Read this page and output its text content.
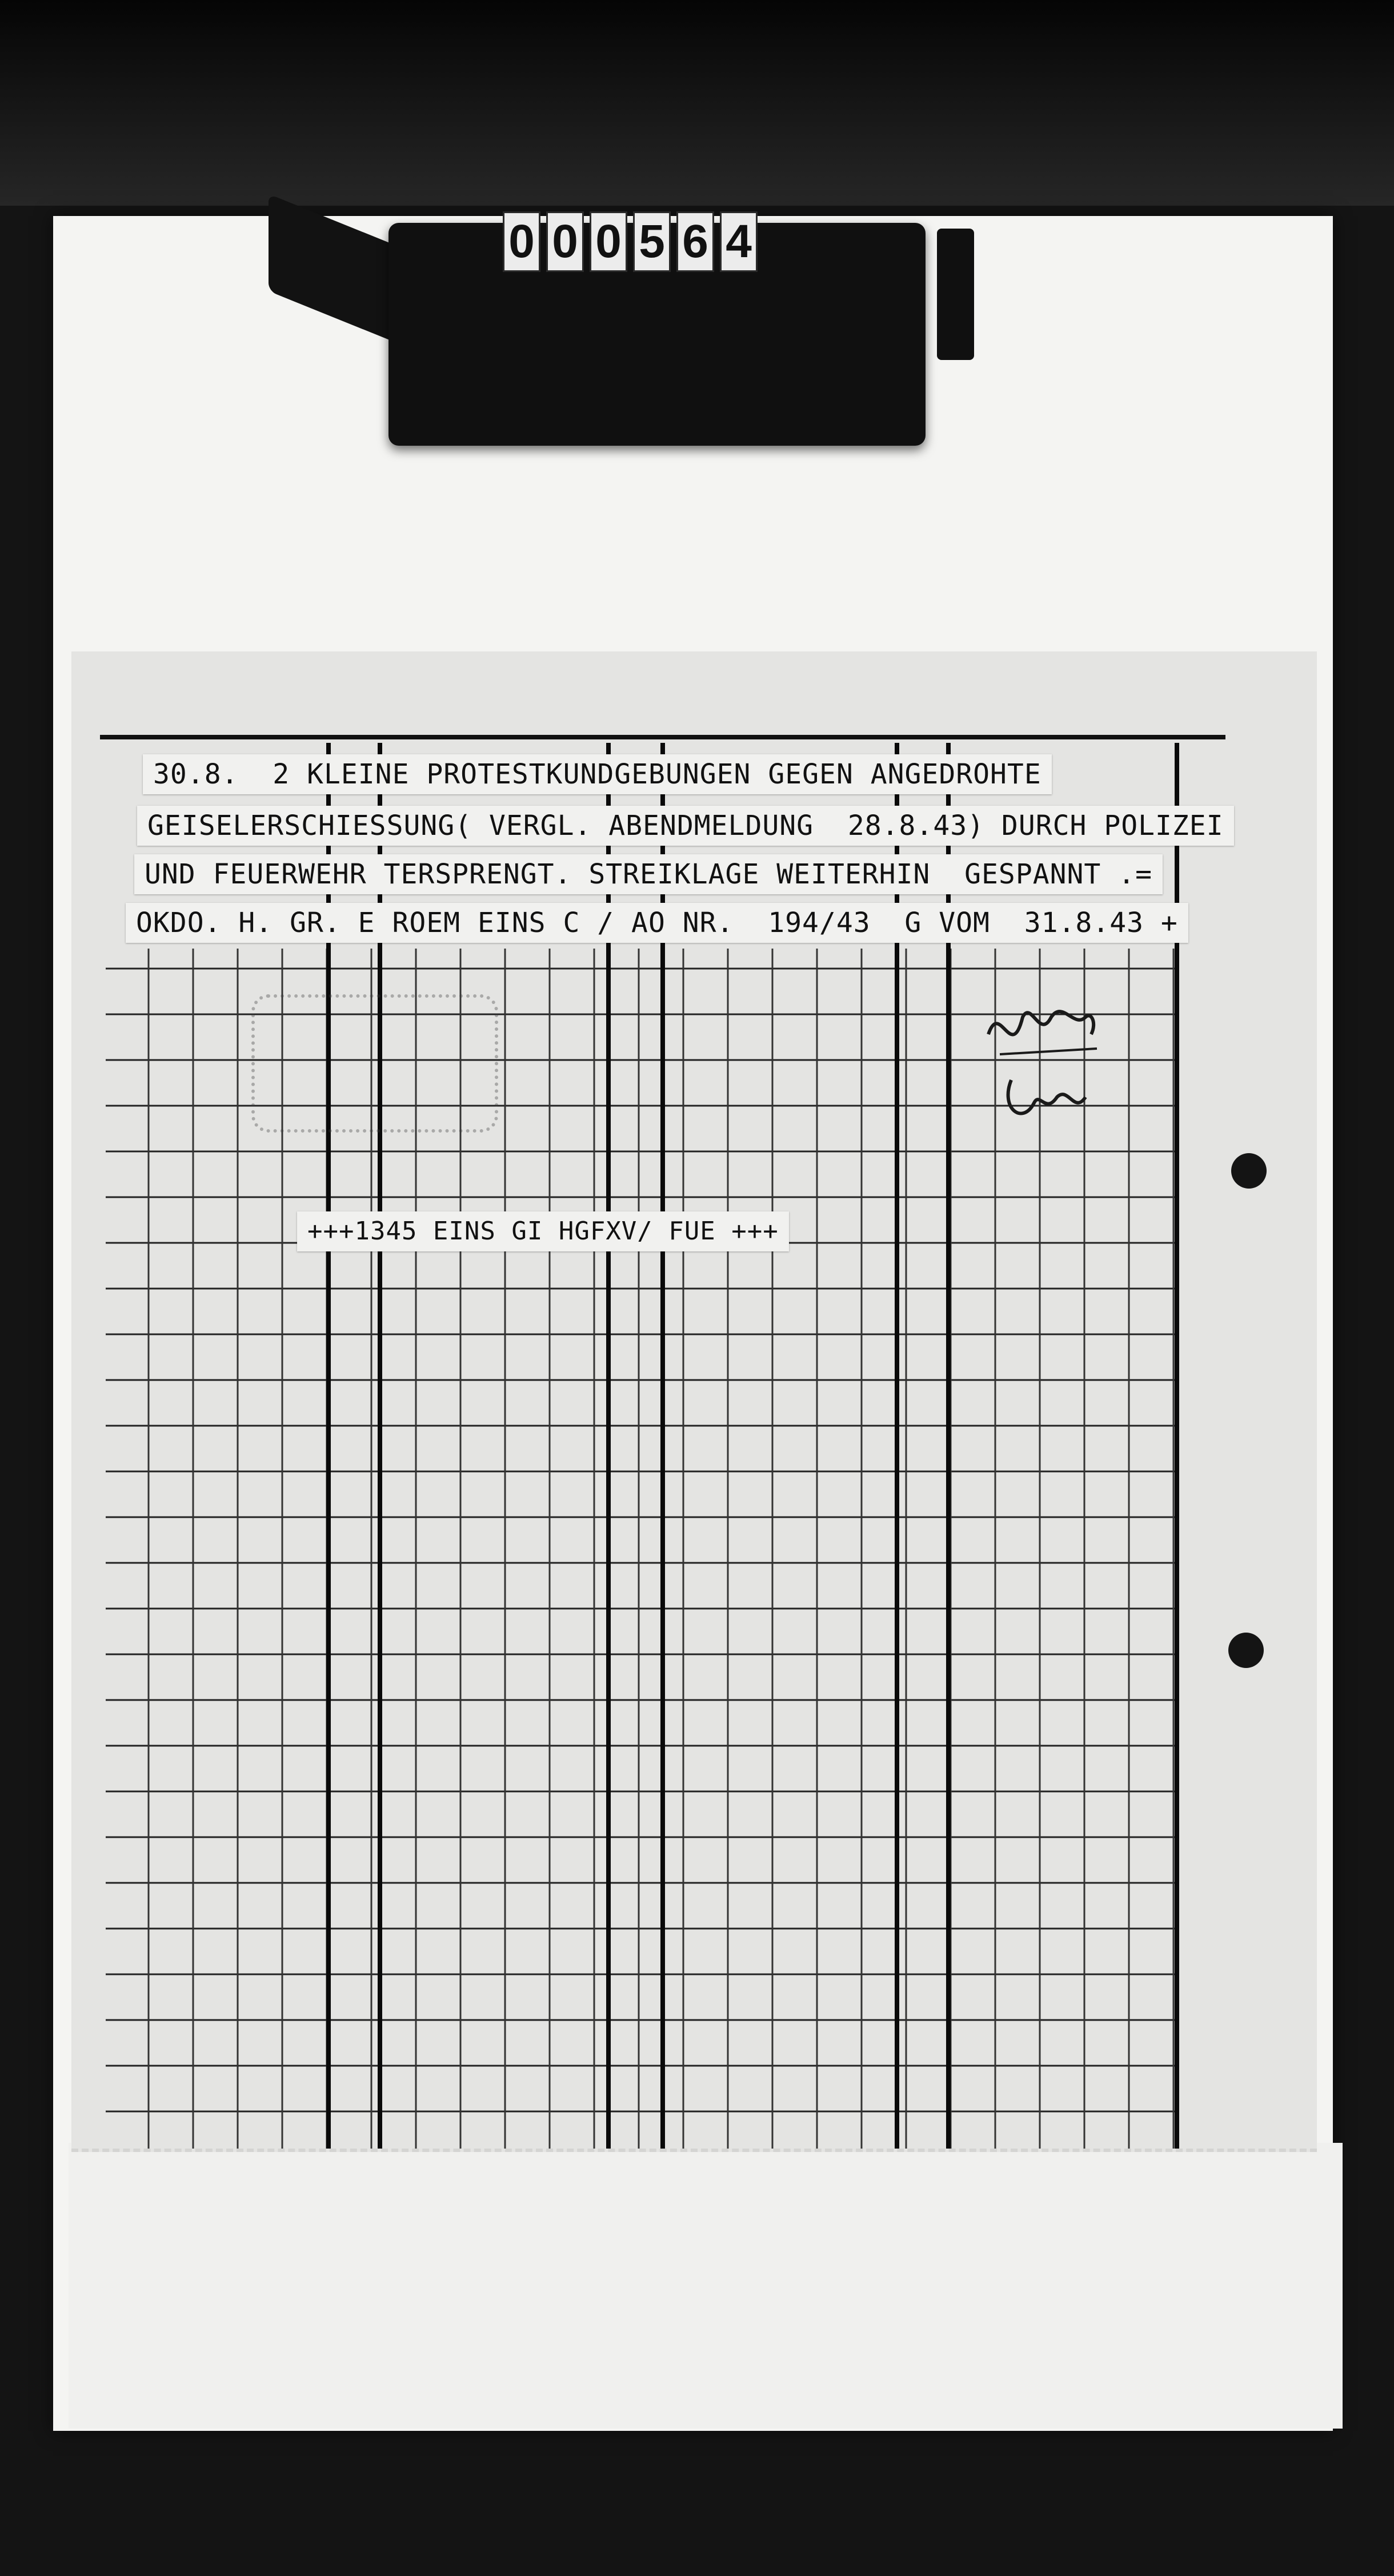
0 0 0 5 6 4
30.8.  2 KLEINE PROTESTKUNDGEBUNGEN GEGEN ANGEDROHTE
GEISELERSCHIESSUNG( VERGL. ABENDMELDUNG  28.8.43) DURCH POLIZEI
UND FEUERWEHR TERSPRENGT. STREIKLAGE WEITERHIN  GESPANNT .=
OKDO. H. GR. E ROEM EINS C / AO NR.  194/43  G VOM  31.8.43 +
+++1345 EINS GI HGFXV/ FUE +++
